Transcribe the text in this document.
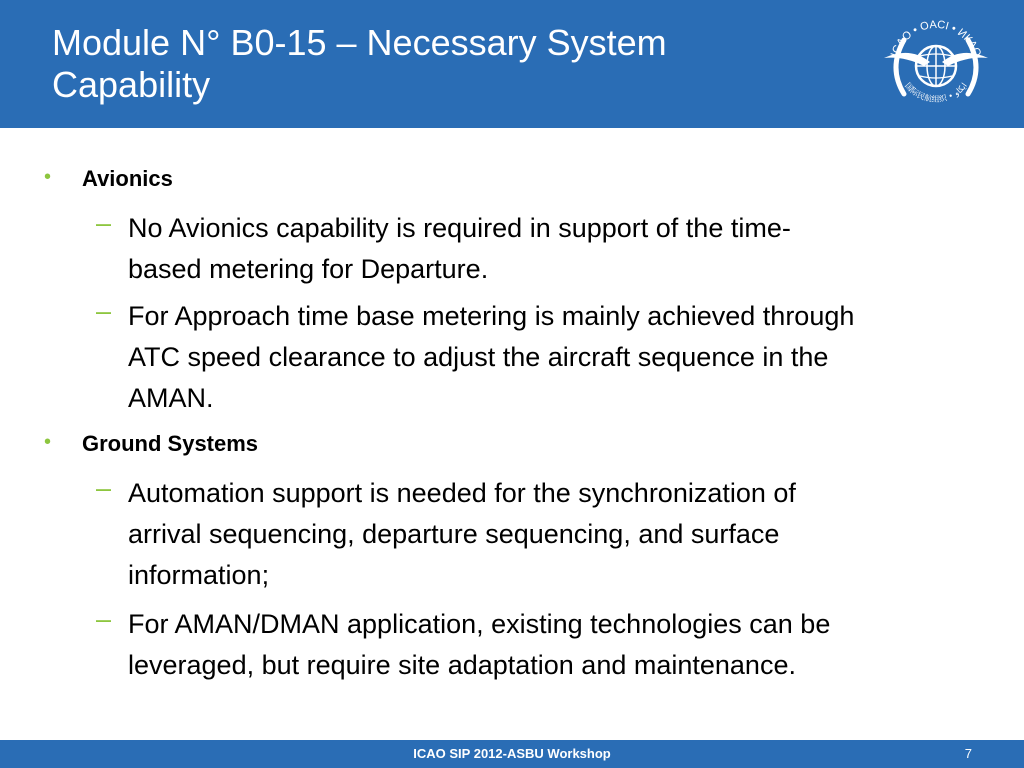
Module N° B0-15 – Necessary System
Capability
ICAO • OACI • ИКАО
国际民航组织 • ايكاو
• Avionics
– No Avionics capability is required in support of the time-
based metering for Departure.
– For Approach time base metering is mainly achieved through
ATC speed clearance to adjust the aircraft sequence in the
AMAN.
• Ground Systems
– Automation support is needed for the synchronization of
arrival sequencing, departure sequencing, and surface
information;
– For AMAN/DMAN application, existing technologies can be
leveraged, but require site adaptation and maintenance.
ICAO SIP 2012-ASBU Workshop	7
